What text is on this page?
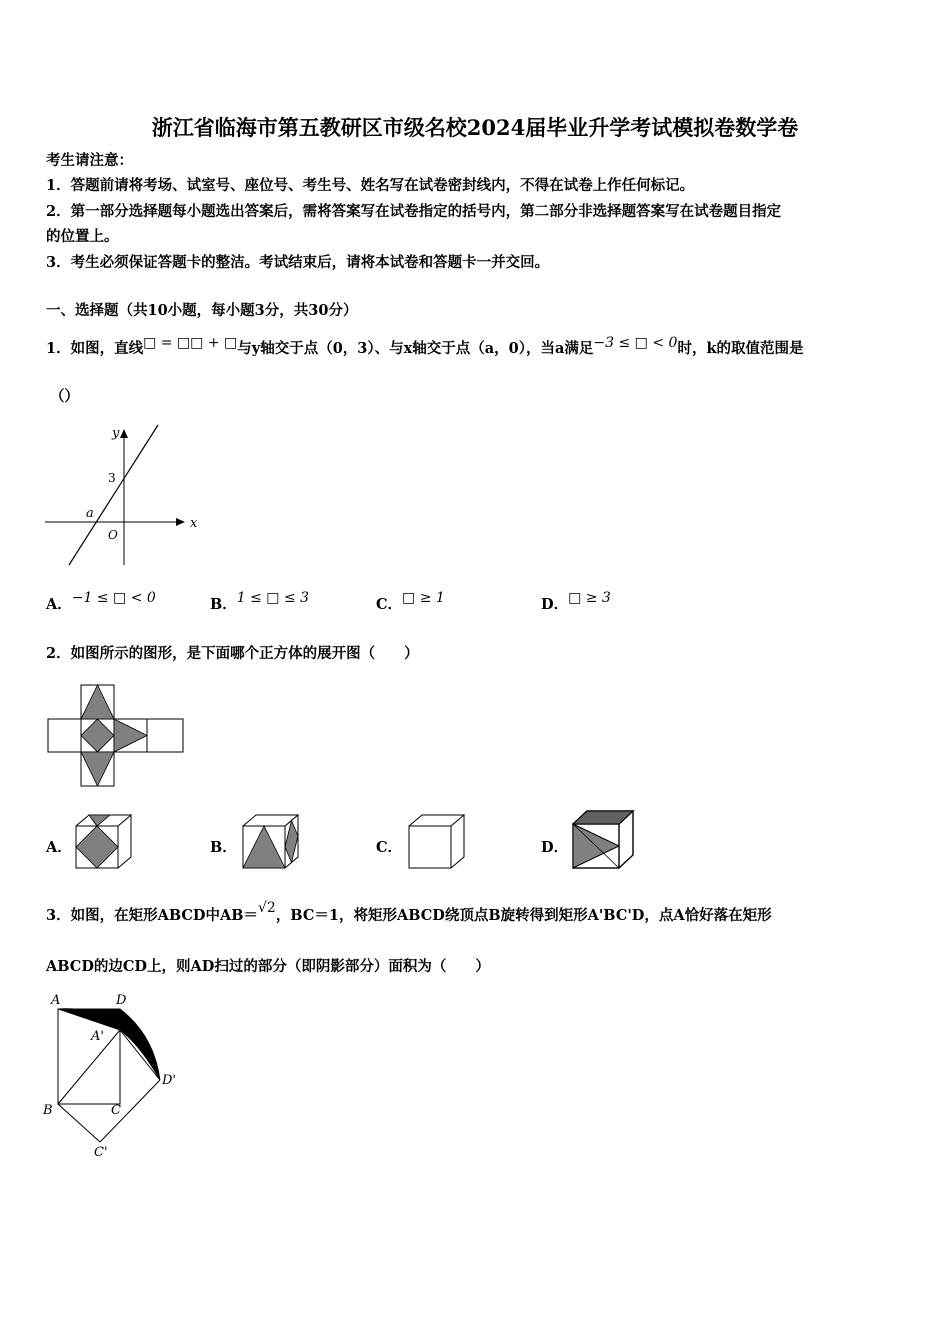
浙江省临海市第五教研区市级名校2024届毕业升学考试模拟卷数学卷
考生请注意：
1．答题前请将考场、试室号、座位号、考生号、姓名写在试卷密封线内，不得在试卷上作任何标记。
2．第一部分选择题每小题选出答案后，需将答案写在试卷指定的括号内，第二部分非选择题答案写在试卷题目指定
的位置上。
3．考生必须保证答题卡的整洁。考试结束后，请将本试卷和答题卡一并交回。
一、选择题（共10小题，每小题3分，共30分）
1．如图，直线□ = □□ + □与y轴交于点（0，3）、与x轴交于点（a，0），当a满足−3 ≤ □ < 0时，k的取值范围是
（）
y
x
3
a
O
A．−1 ≤ □ < 0	B．1 ≤ □ ≤ 3	C．□ ≥ 1	D．□ ≥ 3
2．如图所示的图形，是下面哪个正方体的展开图（　　）
A．	B．	C．	D．
3．如图，在矩形ABCD中AB＝√2，BC＝1，将矩形ABCD绕顶点B旋转得到矩形A'BC'D，点A恰好落在矩形
ABCD的边CD上，则AD扫过的部分（即阴影部分）面积为（　　）
A	D
A'
D'
B	C
C'
